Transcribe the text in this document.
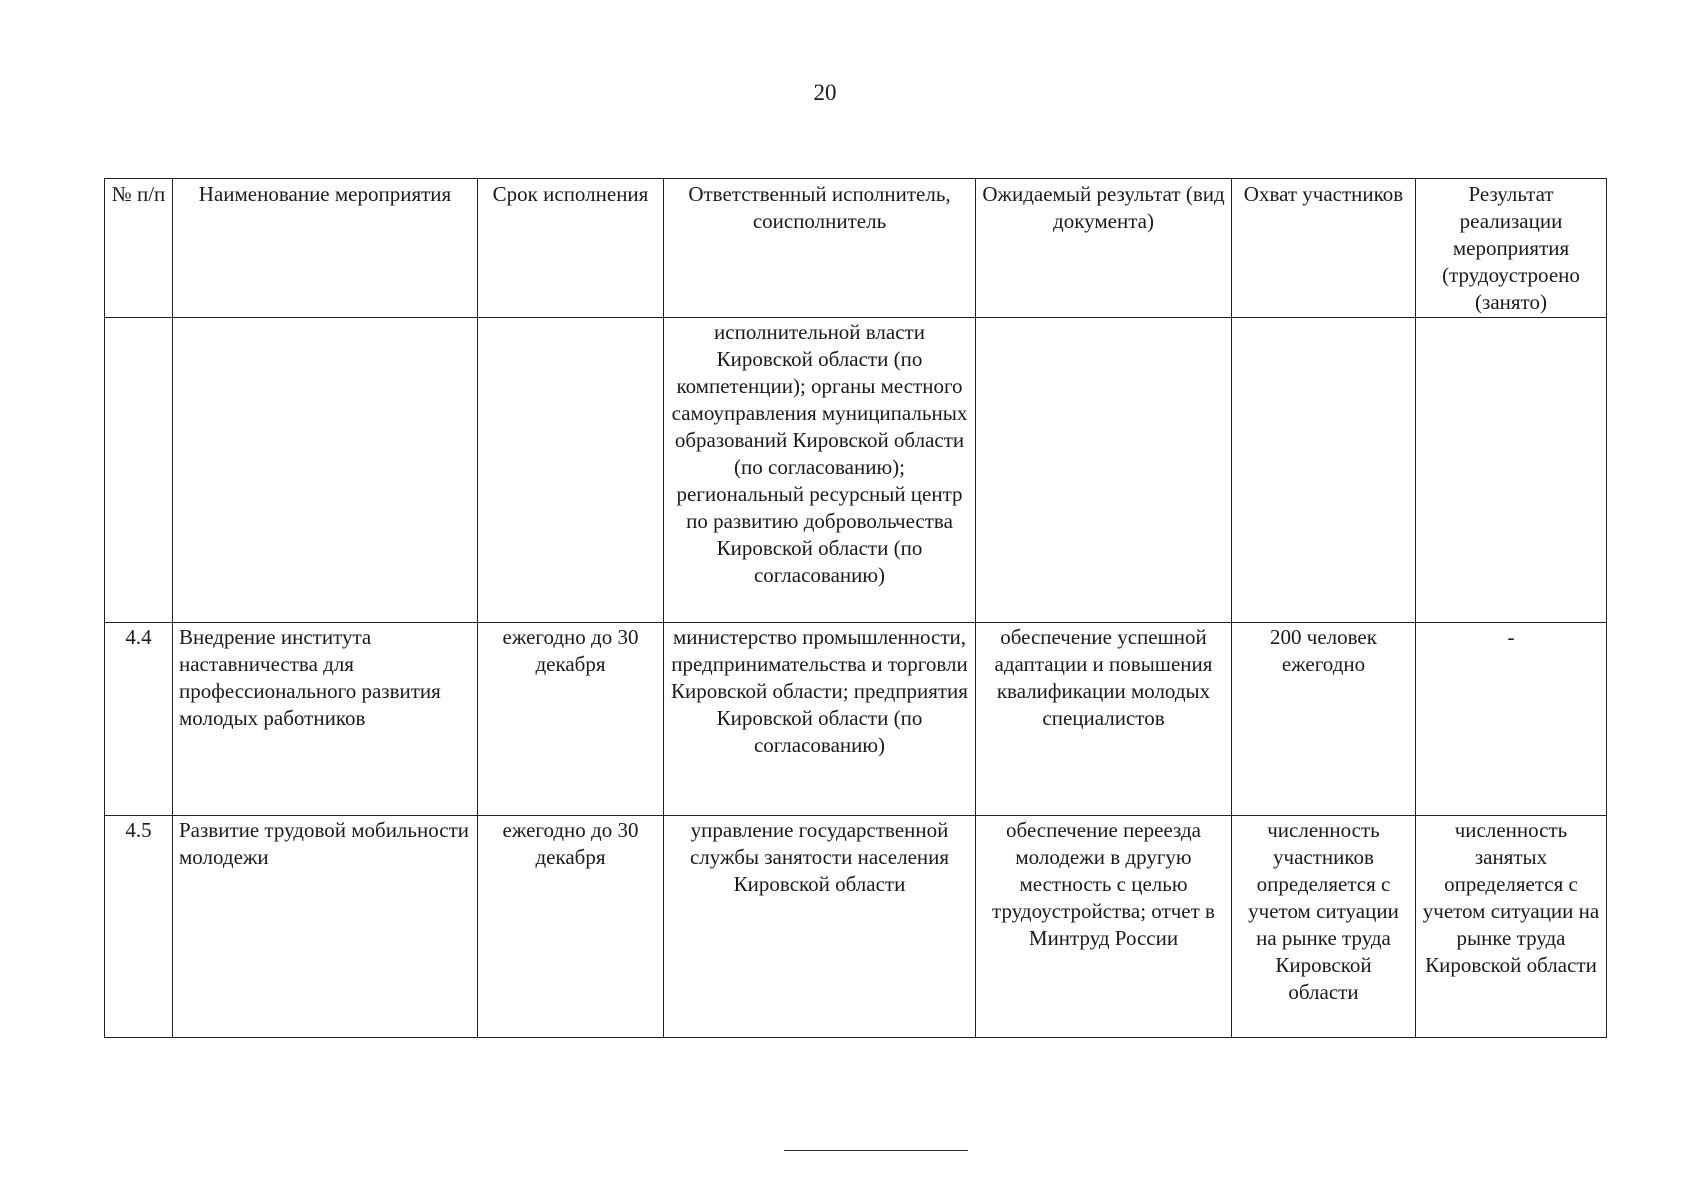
20
№ п/п	Наименование мероприятия	Срок исполнения	Ответственный исполнитель, соисполнитель	Ожидаемый результат (вид документа)	Охват участников	Результат реализации мероприятия (трудоустроено (занято)
			исполнительной власти Кировской области (по компетенции); органы местного самоуправления муниципальных образований Кировской области (по согласованию); региональный ресурсный центр по развитию добровольчества Кировской области (по согласованию)			
4.4	Внедрение института наставничества для профессионального развития молодых работников	ежегодно до 30 декабря	министерство промышленности, предпринимательства и торговли Кировской области; предприятия Кировской области (по согласованию)	обеспечение успешной адаптации и повышения квалификации молодых специалистов	200 человек ежегодно	-
4.5	Развитие трудовой мобильности молодежи	ежегодно до 30 декабря	управление государственной службы занятости населения Кировской области	обеспечение переезда молодежи в другую местность с целью трудоустройства; отчет в Минтруд России	численность участников определяется с учетом ситуации на рынке труда Кировской области	численность занятых определяется с учетом ситуации на рынке труда Кировской области
